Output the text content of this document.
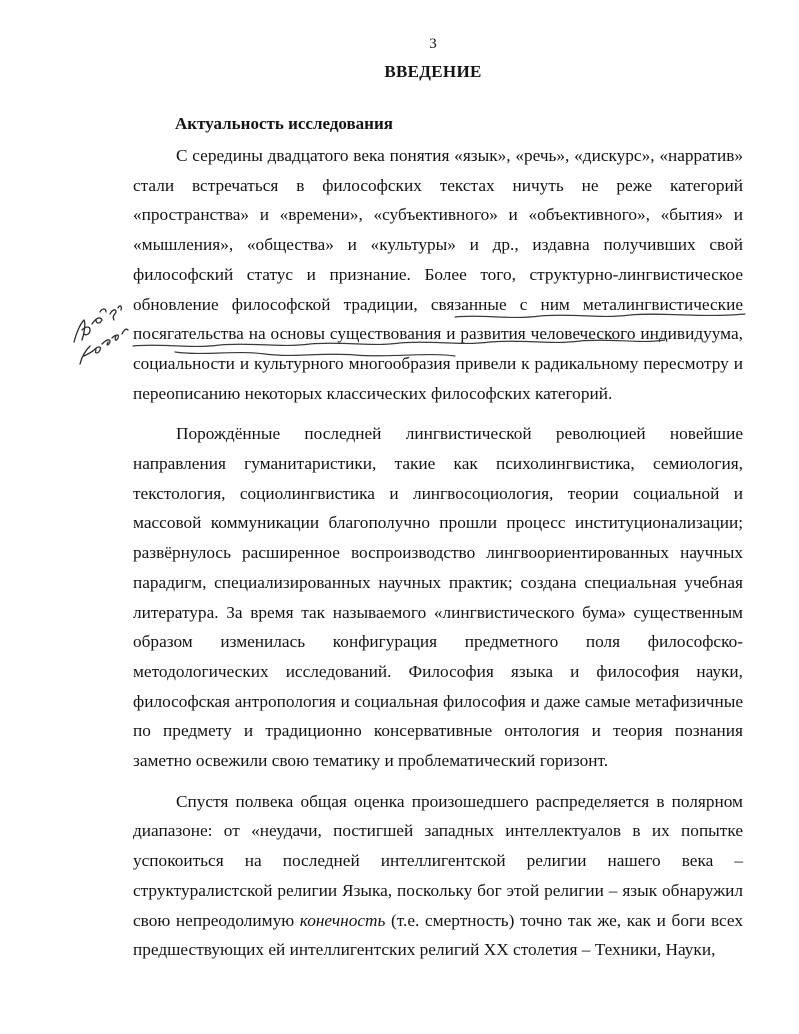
3
ВВЕДЕНИЕ
Актуальность исследования

С середины двадцатого века понятия «язык», «речь», «дискурс», «нарратив» стали встречаться в философских текстах ничуть не реже категорий «пространства» и «времени», «субъективного» и «объективного», «бытия» и «мышления», «общества» и «культуры» и др., издавна получивших свой философский статус и признание. Более того, структурно-лингвистическое обновление философской традиции, связанные с ним металингвистические посягательства на основы существования и развития человеческого индивидуума, социальности и культурного многообразия привели к радикальному пересмотру и переописанию некоторых классических философских категорий.

Порождённые последней лингвистической революцией новейшие направления гуманитаристики, такие как психолингвистика, семиология, текстология, социолингвистика и лингвосоциология, теории социальной и массовой коммуникации благополучно прошли процесс институционализации; развёрнулось расширенное воспроизводство лингвоориентированных научных парадигм, специализированных научных практик; создана специальная учебная литература. За время так называемого «лингвистического бума» существенным образом изменилась конфигурация предметного поля философско-методологических исследований. Философия языка и философия науки, философская антропология и социальная философия и даже самые метафизичные по предмету и традиционно консервативные онтология и теория познания заметно освежили свою тематику и проблематический горизонт.

Спустя полвека общая оценка произошедшего распределяется в полярном диапазоне: от «неудачи, постигшей западных интеллектуалов в их попытке успокоиться на последней интеллигентской религии нашего века – структуралистской религии Языка, поскольку бог этой религии – язык обнаружил свою непреодолимую конечность (т.е. смертность) точно так же, как и боги всех предшествующих ей интеллигентских религий XX столетия – Техники, Науки,
